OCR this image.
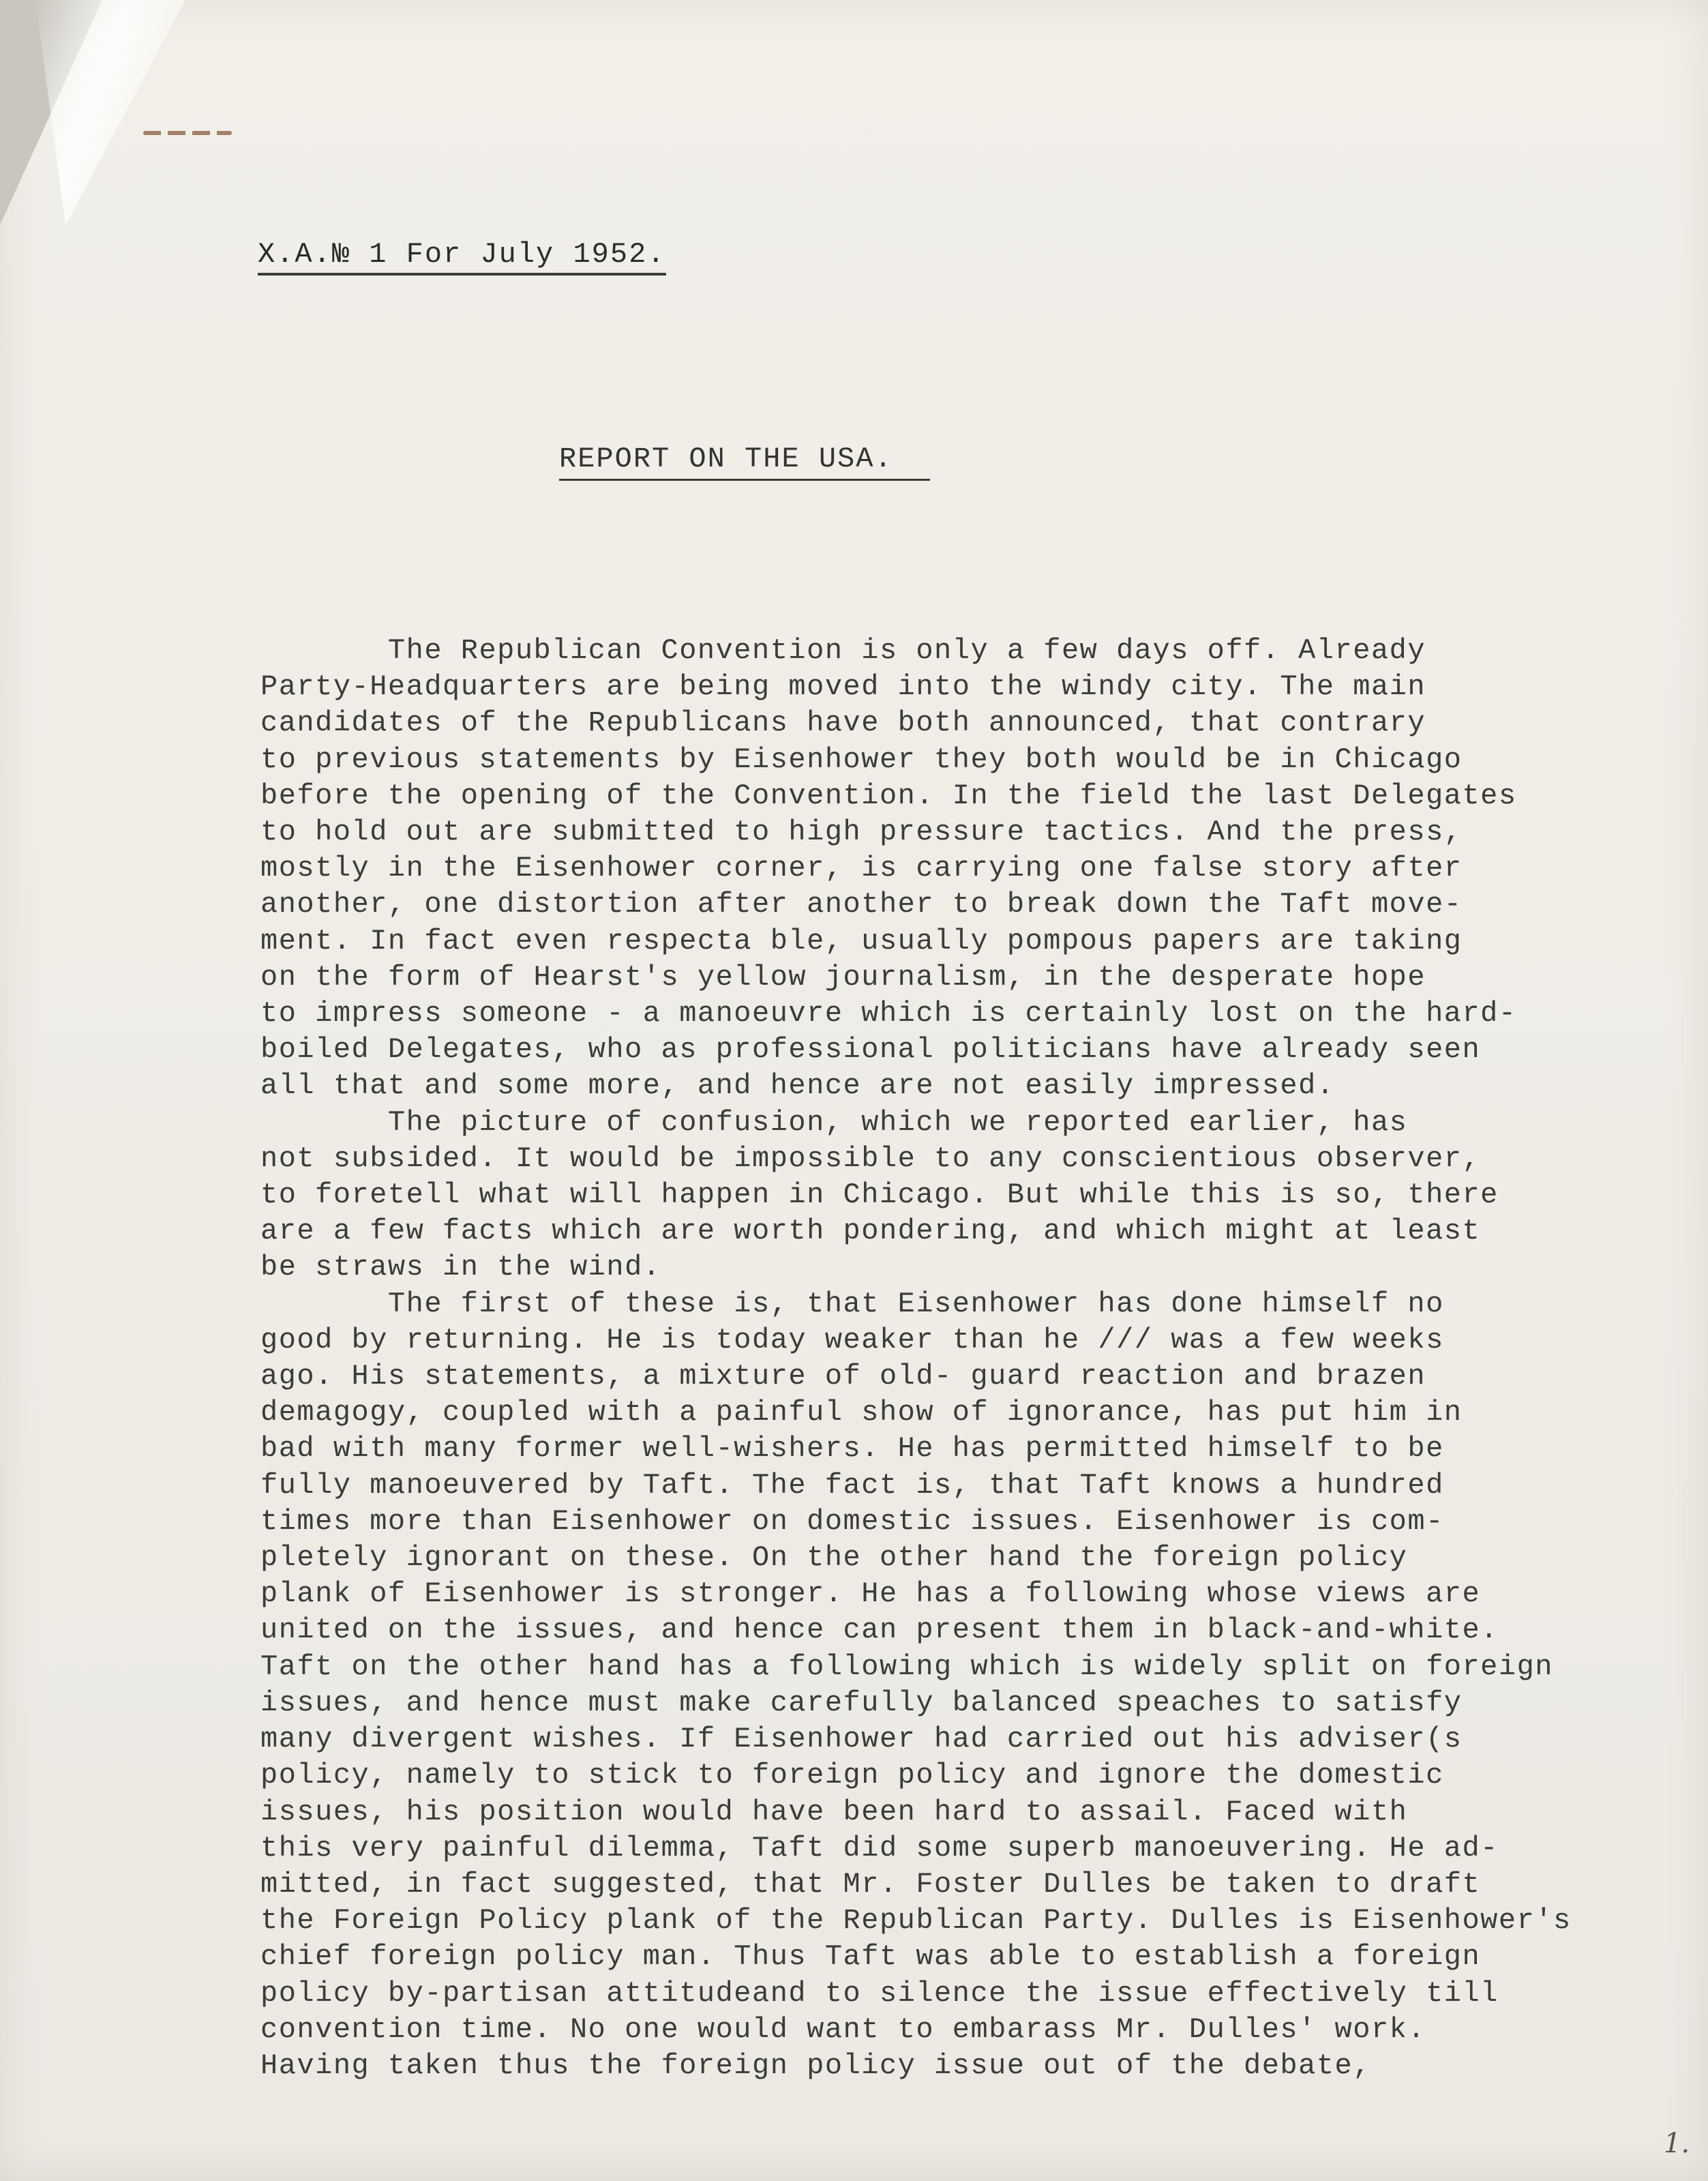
X.A.№ 1 For July 1952.
REPORT ON THE USA.
The Republican Convention is only a few days off. Already
Party-Headquarters are being moved into the windy city. The main
candidates of the Republicans have both announced, that contrary
to previous statements by Eisenhower they both would be in Chicago
before the opening of the Convention. In the field the last Delegates
to hold out are submitted to high pressure tactics. And the press,
mostly in the Eisenhower corner, is carrying one false story after
another, one distortion after another to break down the Taft move-
ment. In fact even respecta ble, usually pompous papers are taking
on the form of Hearst's yellow journalism, in the desperate hope
to impress someone - a manoeuvre which is certainly lost on the hard-
boiled Delegates, who as professional politicians have already seen
all that and some more, and hence are not easily impressed.
The picture of confusion, which we reported earlier, has
not subsided. It would be impossible to any conscientious observer,
to foretell what will happen in Chicago. But while this is so, there
are a few facts which are worth pondering, and which might at least
be straws in the wind.
The first of these is, that Eisenhower has done himself no
good by returning. He is today weaker than he /// was a few weeks
ago. His statements, a mixture of old- guard reaction and brazen
demagogy, coupled with a painful show of ignorance, has put him in
bad with many former well-wishers. He has permitted himself to be
fully manoeuvered by Taft. The fact is, that Taft knows a hundred
times more than Eisenhower on domestic issues. Eisenhower is com-
pletely ignorant on these. On the other hand the foreign policy
plank of Eisenhower is stronger. He has a following whose views are
united on the issues, and hence can present them in black-and-white.
Taft on the other hand has a following which is widely split on foreign
issues, and hence must make carefully balanced speaches to satisfy
many divergent wishes. If Eisenhower had carried out his adviser(s
policy, namely to stick to foreign policy and ignore the domestic
issues, his position would have been hard to assail. Faced with
this very painful dilemma, Taft did some superb manoeuvering. He ad-
mitted, in fact suggested, that Mr. Foster Dulles be taken to draft
the Foreign Policy plank of the Republican Party. Dulles is Eisenhower's
chief foreign policy man. Thus Taft was able to establish a foreign
policy by-partisan attitudeand to silence the issue effectively till
convention time. No one would want to embarass Mr. Dulles' work.
Having taken thus the foreign policy issue out of the debate,
1.
